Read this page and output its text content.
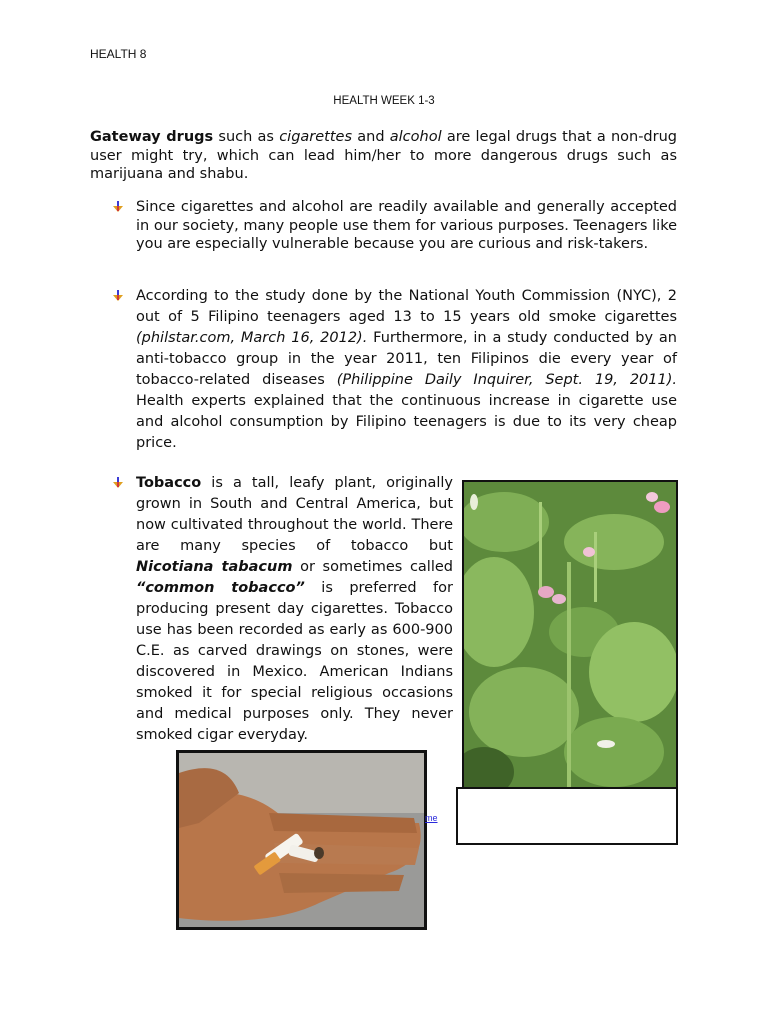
HEALTH 8
HEALTH WEEK 1-3

Gateway drugs such as cigarettes and alcohol are legal drugs that a non-drug user might try, which can lead him/her to more dangerous drugs such as marijuana and shabu.

Since cigarettes and alcohol are readily available and generally accepted in our society, many people use them for various purposes. Teenagers like you are especially vulnerable because you are curious and risk-takers.

According to the study done by the National Youth Commission (NYC), 2 out of 5 Filipino teenagers aged 13 to 15 years old smoke cigarettes (philstar.com, March 16, 2012). Furthermore, in a study conducted by an anti-tobacco group in the year 2011, ten Filipinos die every year of tobacco-related diseases (Philippine Daily Inquirer, Sept. 19, 2011). Health experts explained that the continuous increase in cigarette use and alcohol consumption by Filipino teenagers is due to its very cheap price.

Tobacco is a tall, leafy plant, originally grown in South and Central America, but now cultivated throughout the world. There are many species of tobacco but Nicotiana tabacum or sometimes called “common tobacco” is preferred for producing present day cigarettes. Tobacco use has been recorded as early as 600-900 C.E. as carved drawings on stones, were discovered in Mexico. American Indians smoked it for special religious occasions and medical purposes only. They never smoked cigar everyday.

me
